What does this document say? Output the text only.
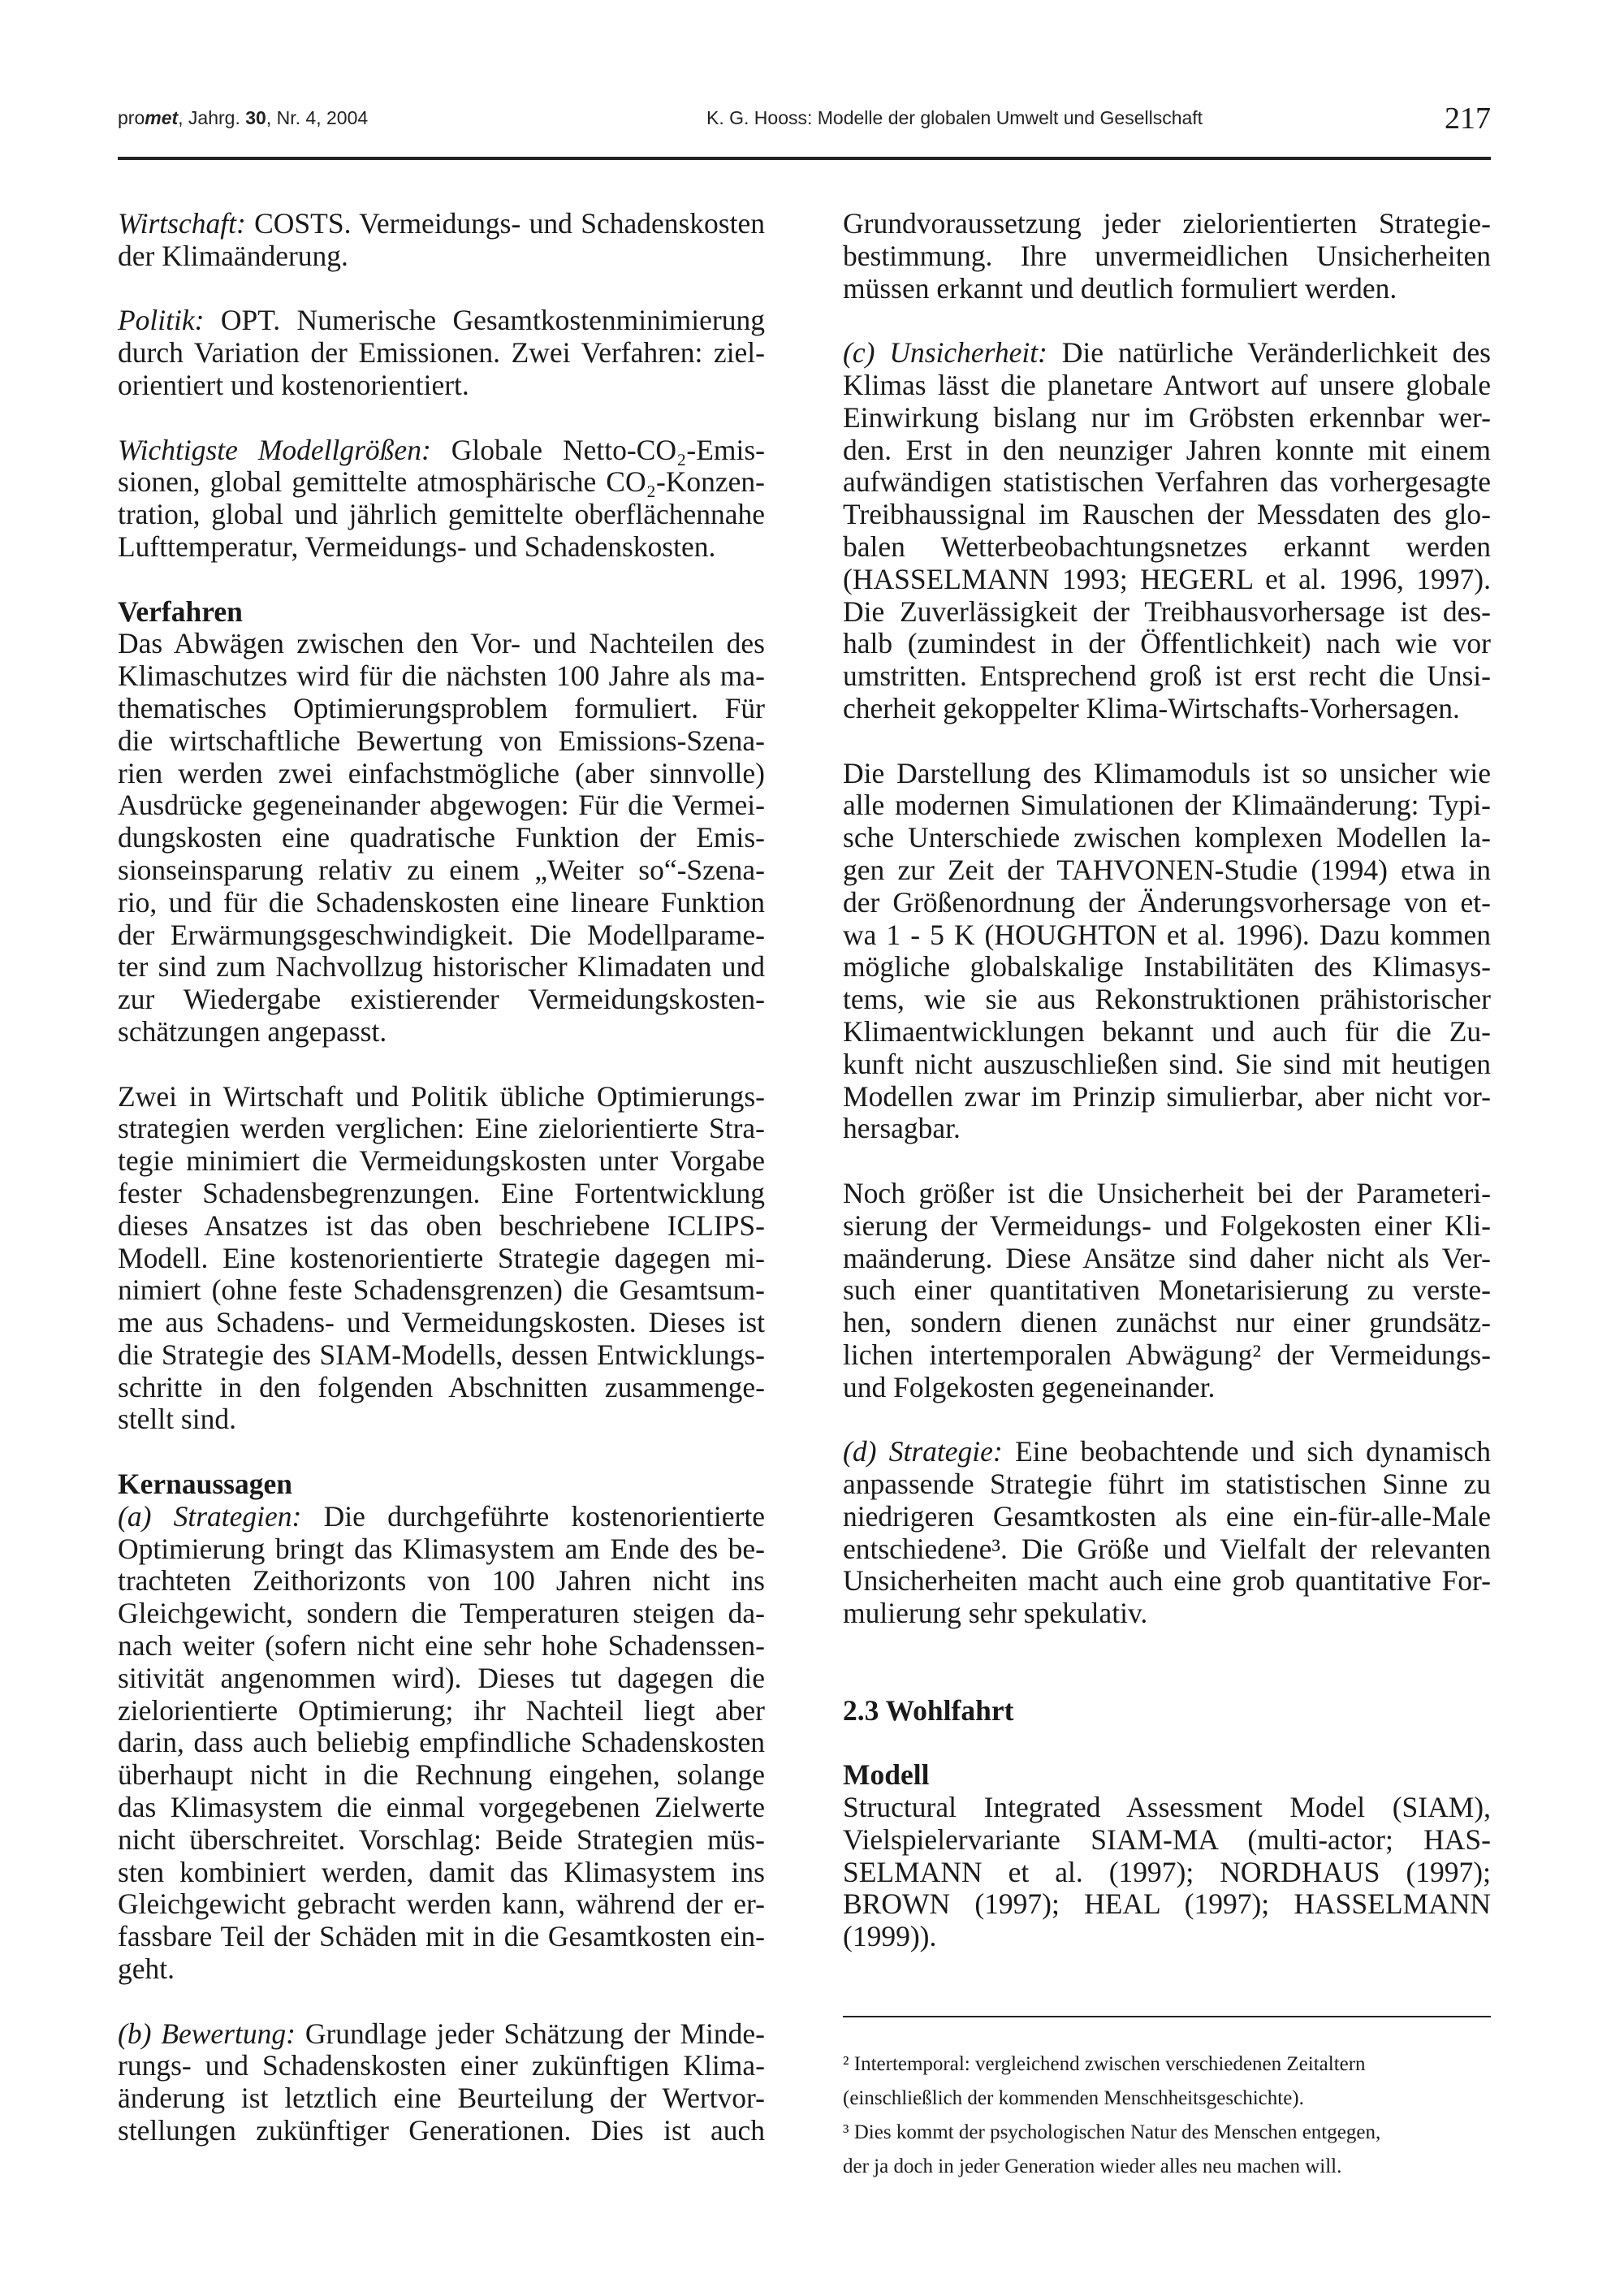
promet, Jahrg. 30, Nr. 4, 2004	K. G. Hooss: Modelle der globalen Umwelt und Gesellschaft	217
Wirtschaft: COSTS. Vermeidungs- und Schadenskosten
der Klimaänderung.
Politik: OPT. Numerische Gesamtkostenminimierung
durch Variation der Emissionen. Zwei Verfahren: ziel-
orientiert und kostenorientiert.
Wichtigste Modellgrößen: Globale Netto-CO₂-Emis-
sionen, global gemittelte atmosphärische CO₂-Konzen-
tration, global und jährlich gemittelte oberflächennahe
Lufttemperatur, Vermeidungs- und Schadenskosten.
Verfahren
Das Abwägen zwischen den Vor- und Nachteilen des
Klimaschutzes wird für die nächsten 100 Jahre als ma-
thematisches Optimierungsproblem formuliert. Für
die wirtschaftliche Bewertung von Emissions-Szena-
rien werden zwei einfachstmögliche (aber sinnvolle)
Ausdrücke gegeneinander abgewogen: Für die Vermei-
dungskosten eine quadratische Funktion der Emis-
sionseinsparung relativ zu einem „Weiter so“-Szena-
rio, und für die Schadenskosten eine lineare Funktion
der Erwärmungsgeschwindigkeit. Die Modellparame-
ter sind zum Nachvollzug historischer Klimadaten und
zur Wiedergabe existierender Vermeidungskosten-
schätzungen angepasst.
Zwei in Wirtschaft und Politik übliche Optimierungs-
strategien werden verglichen: Eine zielorientierte Stra-
tegie minimiert die Vermeidungskosten unter Vorgabe
fester Schadensbegrenzungen. Eine Fortentwicklung
dieses Ansatzes ist das oben beschriebene ICLIPS-
Modell. Eine kostenorientierte Strategie dagegen mi-
nimiert (ohne feste Schadensgrenzen) die Gesamtsum-
me aus Schadens- und Vermeidungskosten. Dieses ist
die Strategie des SIAM-Modells, dessen Entwicklungs-
schritte in den folgenden Abschnitten zusammenge-
stellt sind.
Kernaussagen
(a) Strategien: Die durchgeführte kostenorientierte
Optimierung bringt das Klimasystem am Ende des be-
trachteten Zeithorizonts von 100 Jahren nicht ins
Gleichgewicht, sondern die Temperaturen steigen da-
nach weiter (sofern nicht eine sehr hohe Schadenssen-
sitivität angenommen wird). Dieses tut dagegen die
zielorientierte Optimierung; ihr Nachteil liegt aber
darin, dass auch beliebig empfindliche Schadenskosten
überhaupt nicht in die Rechnung eingehen, solange
das Klimasystem die einmal vorgegebenen Zielwerte
nicht überschreitet. Vorschlag: Beide Strategien müs-
sten kombiniert werden, damit das Klimasystem ins
Gleichgewicht gebracht werden kann, während der er-
fassbare Teil der Schäden mit in die Gesamtkosten ein-
geht.
(b) Bewertung: Grundlage jeder Schätzung der Minde-
rungs- und Schadenskosten einer zukünftigen Klima-
änderung ist letztlich eine Beurteilung der Wertvor-
stellungen zukünftiger Generationen. Dies ist auch
Grundvoraussetzung jeder zielorientierten Strategie-
bestimmung. Ihre unvermeidlichen Unsicherheiten
müssen erkannt und deutlich formuliert werden.
(c) Unsicherheit: Die natürliche Veränderlichkeit des
Klimas lässt die planetare Antwort auf unsere globale
Einwirkung bislang nur im Gröbsten erkennbar wer-
den. Erst in den neunziger Jahren konnte mit einem
aufwändigen statistischen Verfahren das vorhergesagte
Treibhaussignal im Rauschen der Messdaten des glo-
balen Wetterbeobachtungsnetzes erkannt werden
(HASSELMANN 1993; HEGERL et al. 1996, 1997).
Die Zuverlässigkeit der Treibhausvorhersage ist des-
halb (zumindest in der Öffentlichkeit) nach wie vor
umstritten. Entsprechend groß ist erst recht die Unsi-
cherheit gekoppelter Klima-Wirtschafts-Vorhersagen.
Die Darstellung des Klimamoduls ist so unsicher wie
alle modernen Simulationen der Klimaänderung: Typi-
sche Unterschiede zwischen komplexen Modellen la-
gen zur Zeit der TAHVONEN-Studie (1994) etwa in
der Größenordnung der Änderungsvorhersage von et-
wa 1 - 5 K (HOUGHTON et al. 1996). Dazu kommen
mögliche globalskalige Instabilitäten des Klimasys-
tems, wie sie aus Rekonstruktionen prähistorischer
Klimaentwicklungen bekannt und auch für die Zu-
kunft nicht auszuschließen sind. Sie sind mit heutigen
Modellen zwar im Prinzip simulierbar, aber nicht vor-
hersagbar.
Noch größer ist die Unsicherheit bei der Parameteri-
sierung der Vermeidungs- und Folgekosten einer Kli-
maänderung. Diese Ansätze sind daher nicht als Ver-
such einer quantitativen Monetarisierung zu verste-
hen, sondern dienen zunächst nur einer grundsätz-
lichen intertemporalen Abwägung² der Vermeidungs-
und Folgekosten gegeneinander.
(d) Strategie: Eine beobachtende und sich dynamisch
anpassende Strategie führt im statistischen Sinne zu
niedrigeren Gesamtkosten als eine ein-für-alle-Male
entschiedene³. Die Größe und Vielfalt der relevanten
Unsicherheiten macht auch eine grob quantitative For-
mulierung sehr spekulativ.
2.3 Wohlfahrt
Modell
Structural Integrated Assessment Model (SIAM),
Vielspielervariante SIAM-MA (multi-actor; HAS-
SELMANN et al. (1997); NORDHAUS (1997);
BROWN (1997); HEAL (1997); HASSELMANN
(1999)).
² Intertemporal: vergleichend zwischen verschiedenen Zeitaltern
(einschließlich der kommenden Menschheitsgeschichte).
³ Dies kommt der psychologischen Natur des Menschen entgegen,
der ja doch in jeder Generation wieder alles neu machen will.
